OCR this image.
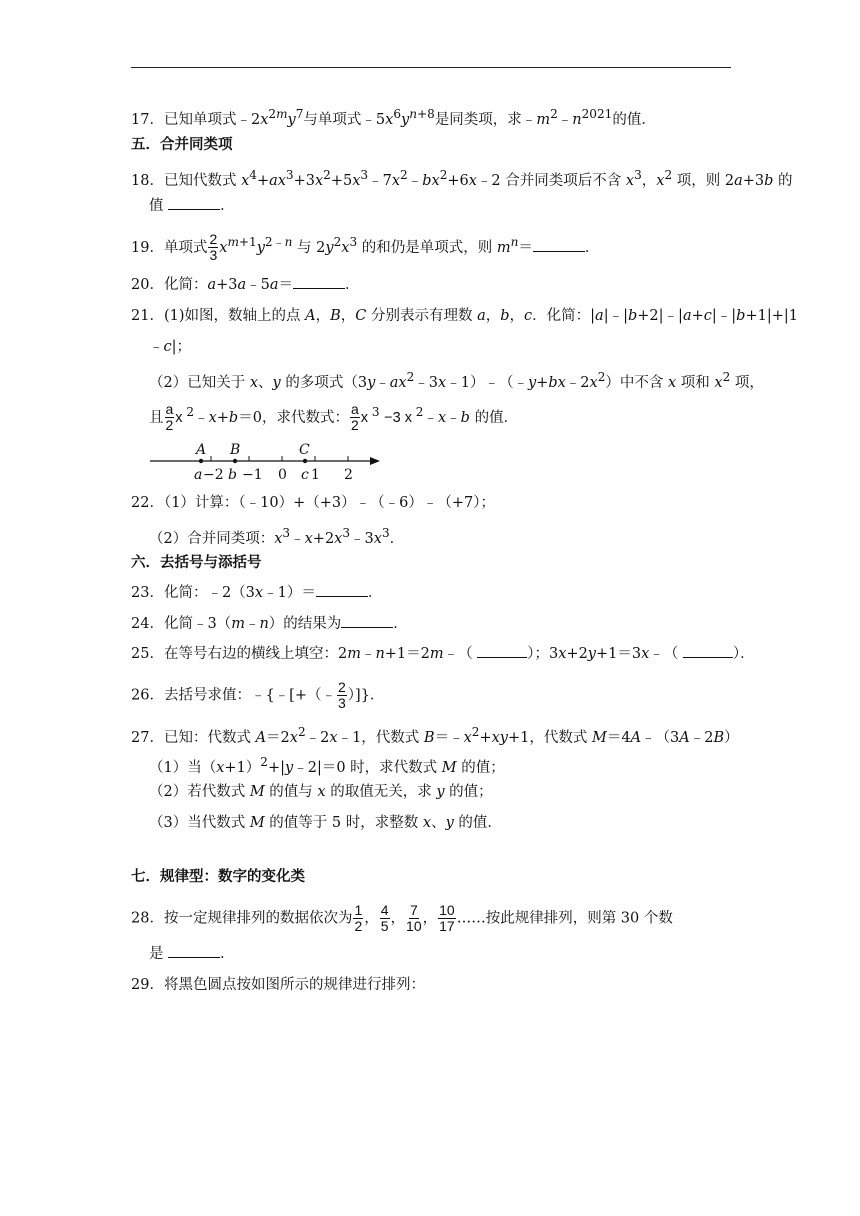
17．已知单项式$﹣2x^{2m}y^7$与单项式$﹣5x^6y^{n+8}$是同类项，求$﹣m^2﹣n^{2021}$的值．
五．合并同类项
18．已知代数式 $x^4+ax^3+3x^2+5x^3﹣7x^2﹣bx^2+6x﹣2$ 合并同类项后不含 $x^3$，$x^2$ 项，则 2a+3b 的
值	．
19．单项式 $\frac{2}{3} x^{m+1}y^{2﹣n}$ 与 $2y^2x^3$ 的和仍是单项式，则 $m^n=$	．
20．化简：a+3a﹣5a＝	．
21．(1)如图，数轴上的点 A，B，C 分别表示有理数 a，b，c．化简：|a|﹣|b+2|﹣|a+c|﹣|b+1|+|1
﹣c|；
（2）已知关于 x、y 的多项式$(3y﹣ax^2﹣3x﹣1)﹣(﹣y+bx﹣2x^2)$中不含 x 项和 $x^2$ 项，
且 $\frac{a}{2}$ x $^2$﹣x+b＝0，求代数式： $\frac{a}{2}$ x $^3$ −3 x $^2$﹣x﹣b 的值．
A B	C
a −2 b −1 0 c 1 2
22．（1）计算：（﹣10）+（+3）﹣（﹣6）﹣（+7）；
（2）合并同类项：$x^3﹣x+2x^3﹣3x^3$．
六．去括号与添括号
23．化简：﹣2（3x﹣1）＝	．
24．化简﹣3（m﹣n）的结果为	．
25．在等号右边的横线上填空：2m﹣n+1＝2m﹣（	）；3x+2y+1＝3x﹣（	）．
26．去括号求值：﹣{﹣[+（﹣ $\frac{2}{3}$ ）]}．
27．已知：代数式 $A=2x^2﹣2x﹣1$，代数式 $B=﹣x^2+xy+1$，代数式 M＝4A﹣（3A﹣2B）
（1）当$(x+1)^2+|y﹣2|=0$ 时，求代数式 M 的值；
（2）若代数式 M 的值与 x 的取值无关，求 y 的值；
（3）当代数式 M 的值等于 5 时，求整数 x、y 的值．
七．规律型：数字的变化类
28．按一定规律排列的数据依次为 $\frac{1}{2}$ ， $\frac{4}{5}$ ， $\frac{7}{10}$ ， $\frac{10}{17}$ ……按此规律排列，则第 30 个数
是	．
29．将黑色圆点按如图所示的规律进行排列：
